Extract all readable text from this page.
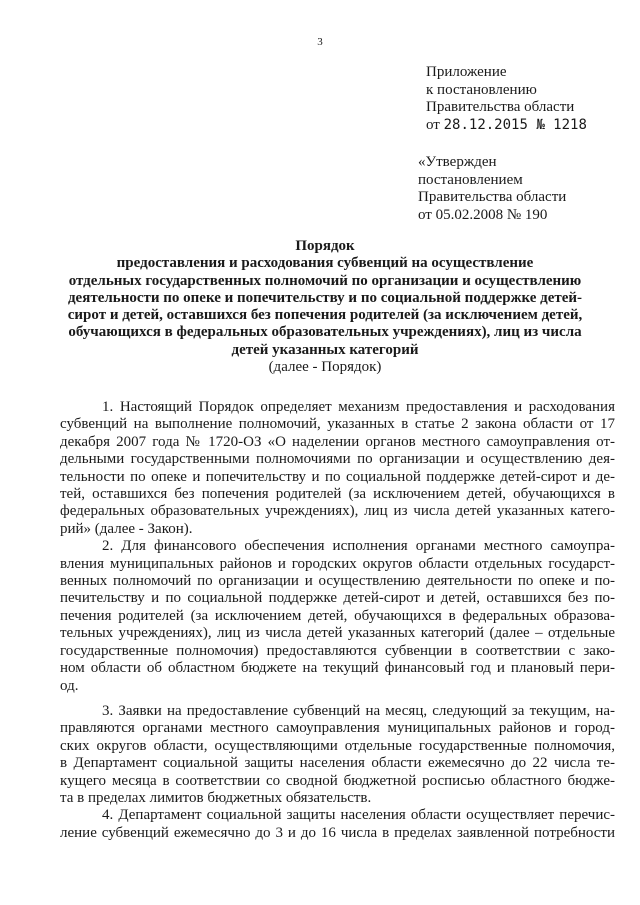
3
Приложение
к постановлению
Правительства области
от 28.12.2015 № 1218
«Утвержден
постановлением
Правительства области
от 05.02.2008 № 190
Порядок
предоставления и расходования субвенций на осуществление
отдельных государственных полномочий по организации и осуществлению
деятельности по опеке и попечительству и по социальной поддержке детей-
сирот и детей, оставшихся без попечения родителей (за исключением детей,
обучающихся в федеральных образовательных учреждениях), лиц из числа
детей указанных категорий
(далее - Порядок)
1. Настоящий Порядок определяет механизм предоставления и расходования
субвенций на выполнение полномочий, указанных в статье 2 закона области от 17
декабря 2007 года № 1720-ОЗ «О наделении органов местного самоуправления от-
дельными государственными полномочиями по организации и осуществлению дея-
тельности по опеке и попечительству и по социальной поддержке детей-сирот и де-
тей, оставшихся без попечения родителей (за исключением детей, обучающихся в
федеральных образовательных учреждениях), лиц из числа детей указанных катего-
рий» (далее - Закон).
2. Для финансового обеспечения исполнения органами местного самоупра-
вления муниципальных районов и городских округов области отдельных государст-
венных полномочий по организации и осуществлению деятельности по опеке и по-
печительству и по социальной поддержке детей-сирот и детей, оставшихся без по-
печения родителей (за исключением детей, обучающихся в федеральных образова-
тельных учреждениях), лиц из числа детей указанных категорий (далее – отдельные
государственные полномочия) предоставляются субвенции в соответствии с зако-
ном области об областном бюджете на текущий финансовый год и плановый пери-
од.
3. Заявки на предоставление субвенций на месяц, следующий за текущим, на-
правляются органами местного самоуправления муниципальных районов и город-
ских округов области, осуществляющими отдельные государственные полномочия,
в Департамент социальной защиты населения области ежемесячно до 22 числа те-
кущего месяца в соответствии со сводной бюджетной росписью областного бюдже-
та в пределах лимитов бюджетных обязательств.
4. Департамент социальной защиты населения области осуществляет перечис-
ление субвенций ежемесячно до 3 и до 16 числа в пределах заявленной потребности
